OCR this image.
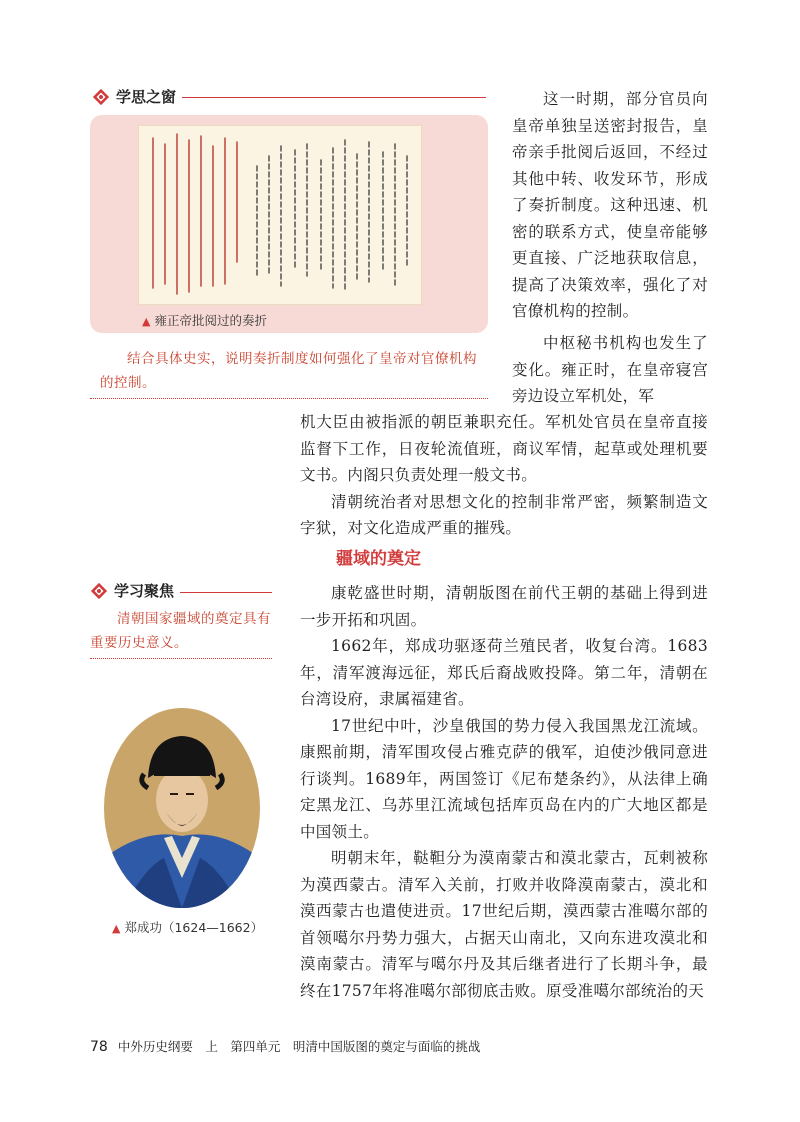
学思之窗
▲ 雍正帝批阅过的奏折
结合具体史实，说明奏折制度如何强化了皇帝对官僚机构的控制。

这一时期，部分官员向皇帝单独呈送密封报告，皇帝亲手批阅后返回，不经过其他中转、收发环节，形成了奏折制度。这种迅速、机密的联系方式，使皇帝能够更直接、广泛地获取信息，提高了决策效率，强化了对官僚机构的控制。

中枢秘书机构也发生了变化。雍正时，在皇帝寝宫旁边设立军机处，军

机大臣由被指派的朝臣兼职充任。军机处官员在皇帝直接监督下工作，日夜轮流值班，商议军情，起草或处理机要文书。内阁只负责处理一般文书。

清朝统治者对思想文化的控制非常严密，频繁制造文字狱，对文化造成严重的摧残。

疆域的奠定
学习聚焦
清朝国家疆域的奠定具有重要历史意义。
▲ 郑成功（1624—1662）

康乾盛世时期，清朝版图在前代王朝的基础上得到进一步开拓和巩固。

1662年，郑成功驱逐荷兰殖民者，收复台湾。1683年，清军渡海远征，郑氏后裔战败投降。第二年，清朝在台湾设府，隶属福建省。

17世纪中叶，沙皇俄国的势力侵入我国黑龙江流域。康熙前期，清军围攻侵占雅克萨的俄军，迫使沙俄同意进行谈判。1689年，两国签订《尼布楚条约》，从法律上确定黑龙江、乌苏里江流域包括库页岛在内的广大地区都是中国领土。

明朝末年，鞑靼分为漠南蒙古和漠北蒙古，瓦剌被称为漠西蒙古。清军入关前，打败并收降漠南蒙古，漠北和漠西蒙古也遣使进贡。17世纪后期，漠西蒙古准噶尔部的首领噶尔丹势力强大，占据天山南北，又向东进攻漠北和漠南蒙古。清军与噶尔丹及其后继者进行了长期斗争，最终在1757年将准噶尔部彻底击败。原受准噶尔部统治的天

78 中外历史纲要　上　第四单元　明清中国版图的奠定与面临的挑战
